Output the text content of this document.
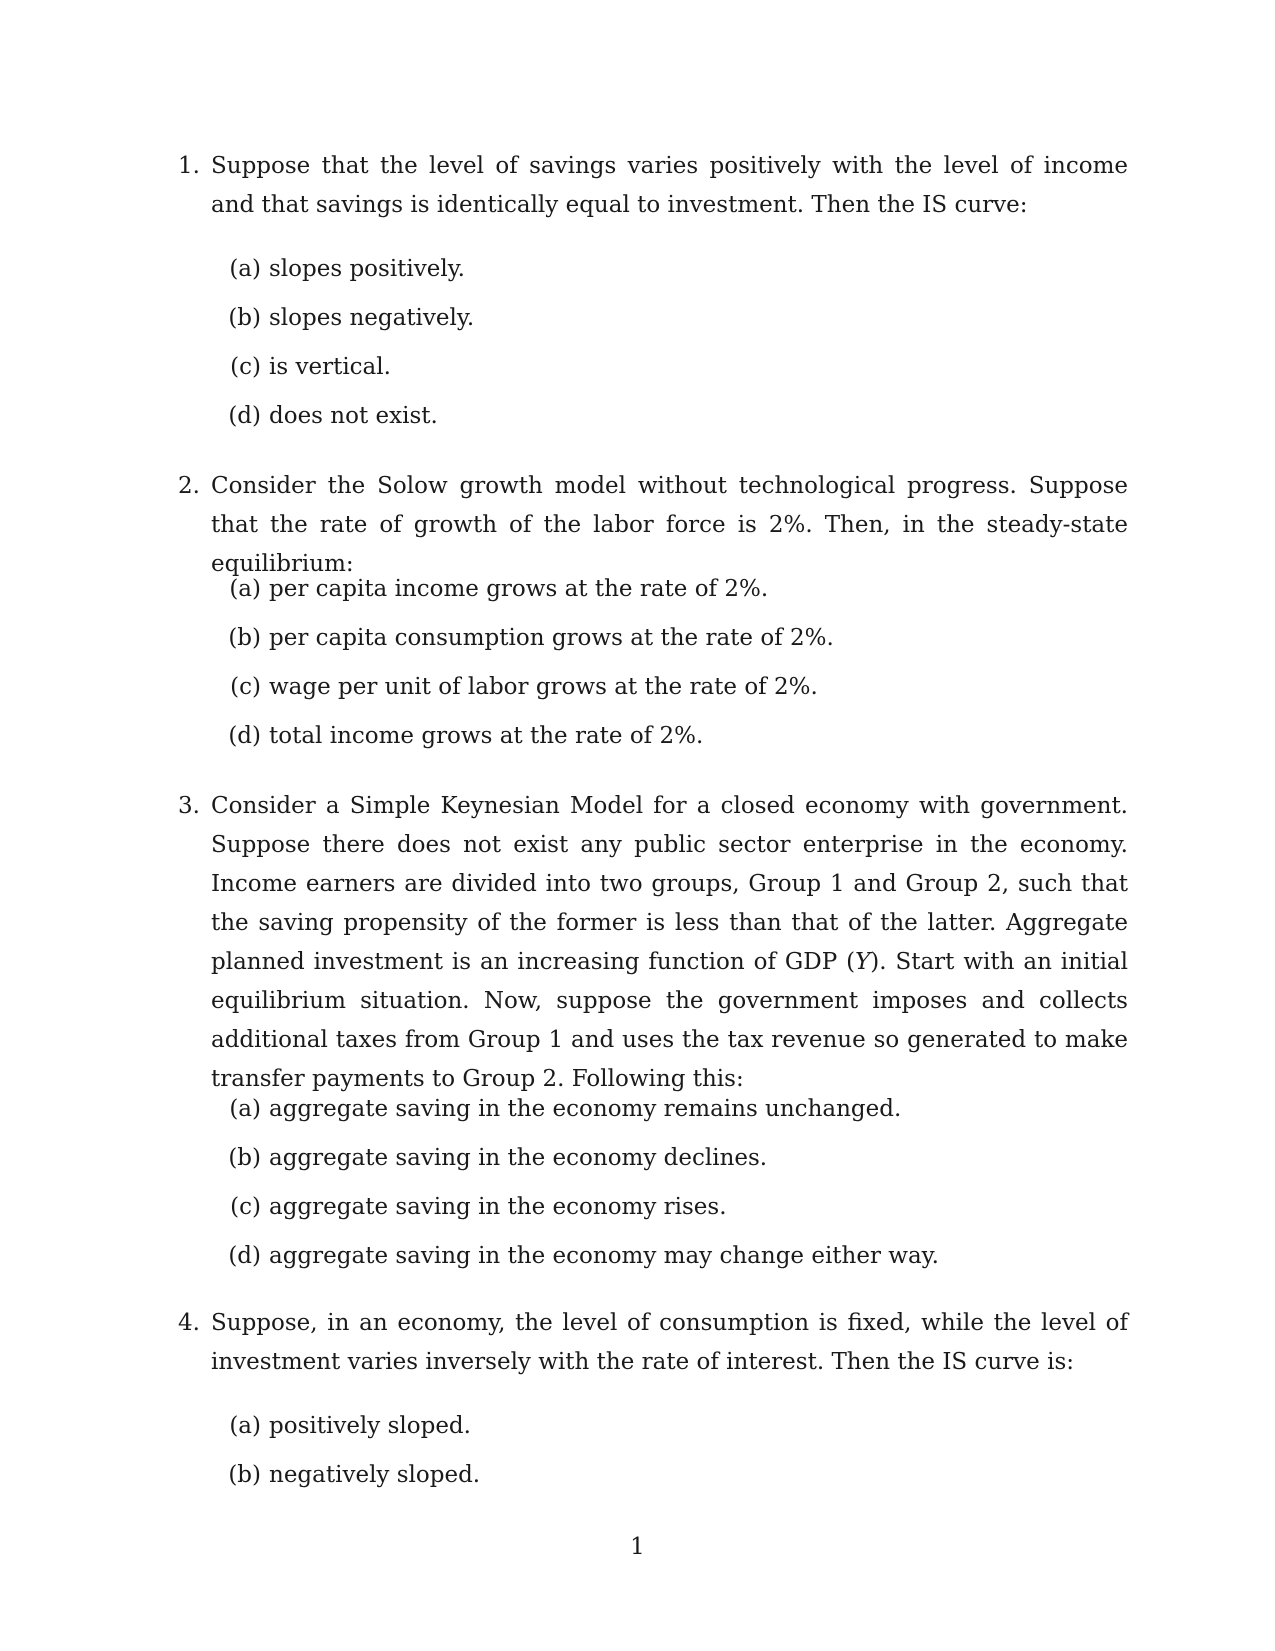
1. Suppose that the level of savings varies positively with the level of income and that savings is identically equal to investment. Then the IS curve:
(a) slopes positively.
(b) slopes negatively.
(c) is vertical.
(d) does not exist.
2. Consider the Solow growth model without technological progress. Suppose that the rate of growth of the labor force is 2%. Then, in the steady-state equilibrium:
(a) per capita income grows at the rate of 2%.
(b) per capita consumption grows at the rate of 2%.
(c) wage per unit of labor grows at the rate of 2%.
(d) total income grows at the rate of 2%.
3. Consider a Simple Keynesian Model for a closed economy with government. Suppose there does not exist any public sector enterprise in the economy. Income earners are divided into two groups, Group 1 and Group 2, such that the saving propensity of the former is less than that of the latter. Aggregate planned investment is an increasing function of GDP (Y). Start with an initial equilibrium situation. Now, suppose the government imposes and collects additional taxes from Group 1 and uses the tax revenue so generated to make transfer payments to Group 2. Following this:
(a) aggregate saving in the economy remains unchanged.
(b) aggregate saving in the economy declines.
(c) aggregate saving in the economy rises.
(d) aggregate saving in the economy may change either way.
4. Suppose, in an economy, the level of consumption is fixed, while the level of investment varies inversely with the rate of interest. Then the IS curve is:
(a) positively sloped.
(b) negatively sloped.
1
